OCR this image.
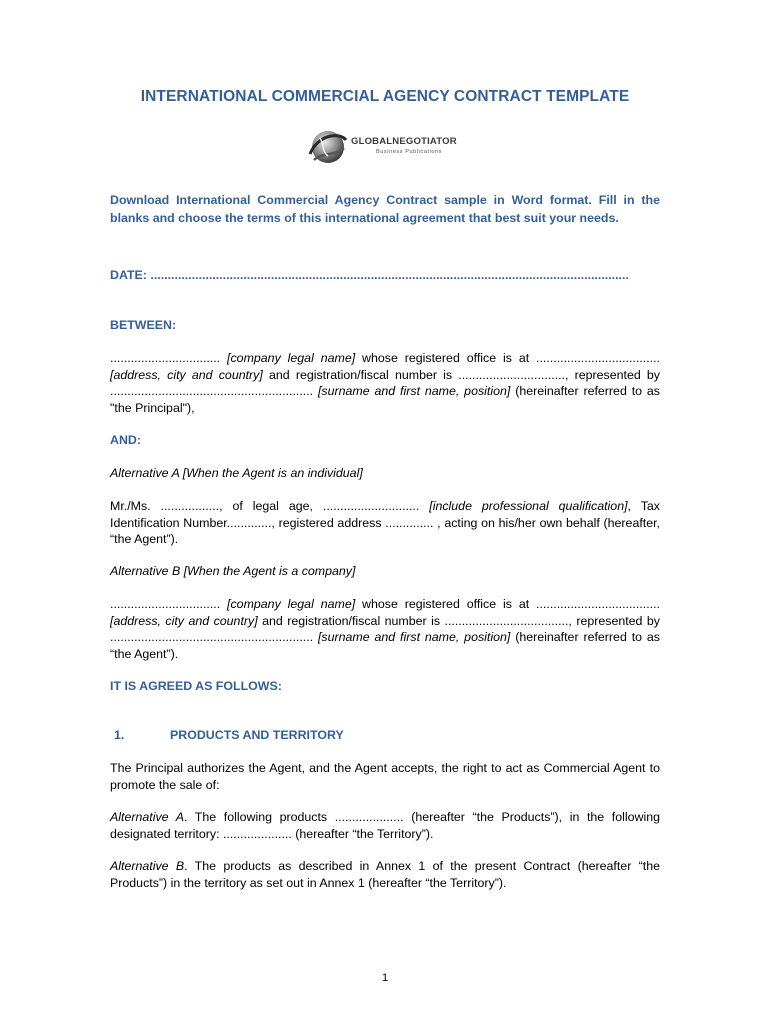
INTERNATIONAL COMMERCIAL AGENCY CONTRACT TEMPLATE
GLOBALNEGOTIATOR
Business Publications
Download International Commercial Agency Contract sample in Word format. Fill in the blanks and choose the terms of this international agreement that best suit your needs.
DATE: ...........................................................................................................................................
BETWEEN:
................................ [company legal name] whose registered office is at .................................... [address, city and country] and registration/fiscal number is ..............................., represented by ........................................................... [surname and first name, position] (hereinafter referred to as "the Principal"),
AND:
Alternative A [When the Agent is an individual]
Mr./Ms. ................., of legal age, ............................ [include professional qualification], Tax Identification Number............., registered address .............. , acting on his/her own behalf (hereafter, “the Agent”).
Alternative B [When the Agent is a company]
................................ [company legal name] whose registered office is at .................................... [address, city and country] and registration/fiscal number is ...................................., represented by ........................................................... [surname and first name, position] (hereinafter referred to as “the Agent”).
IT IS AGREED AS FOLLOWS:
1.	PRODUCTS AND TERRITORY
The Principal authorizes the Agent, and the Agent accepts, the right to act as Commercial Agent to promote the sale of:
Alternative A. The following products .................... (hereafter “the Products”), in the following designated territory: .................... (hereafter “the Territory”).
Alternative B. The products as described in Annex 1 of the present Contract (hereafter “the Products”) in the territory as set out in Annex 1 (hereafter “the Territory”).
1
